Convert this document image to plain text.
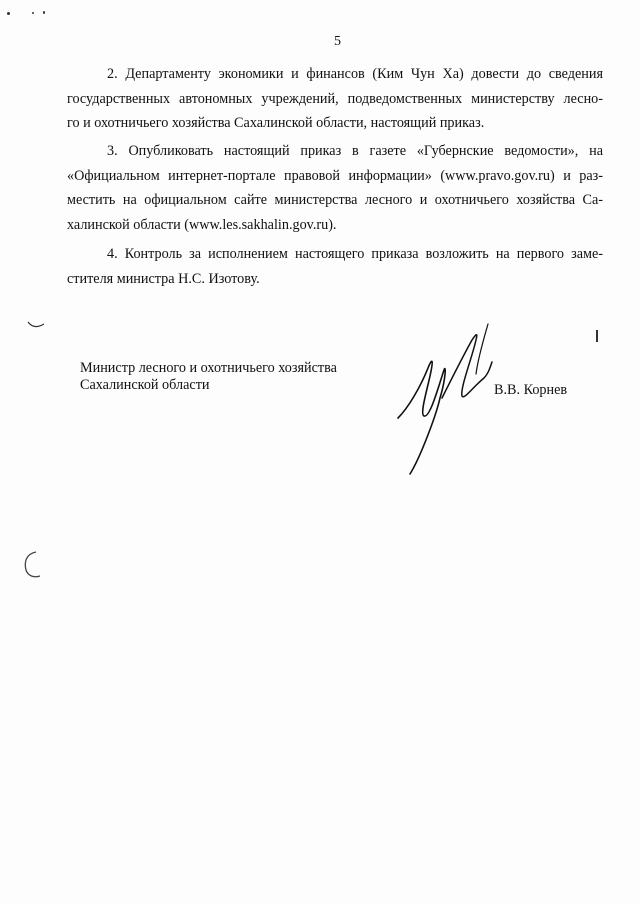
5
2. Департаменту экономики и финансов (Ким Чун Ха) довести до сведения
государственных автономных учреждений, подведомственных министерству лесно-
го и охотничьего хозяйства Сахалинской области, настоящий приказ.
3. Опубликовать настоящий приказ в газете «Губернские ведомости», на
«Официальном интернет-портале правовой информации» (www.pravo.gov.ru) и раз-
местить на официальном сайте министерства лесного и охотничьего хозяйства Са-
халинской области (www.les.sakhalin.gov.ru).
4. Контроль за исполнением настоящего приказа возложить на первого заме-
стителя министра Н.С. Изотову.
Министр лесного и охотничьего хозяйства
Сахалинской области	В.В. Корнев
